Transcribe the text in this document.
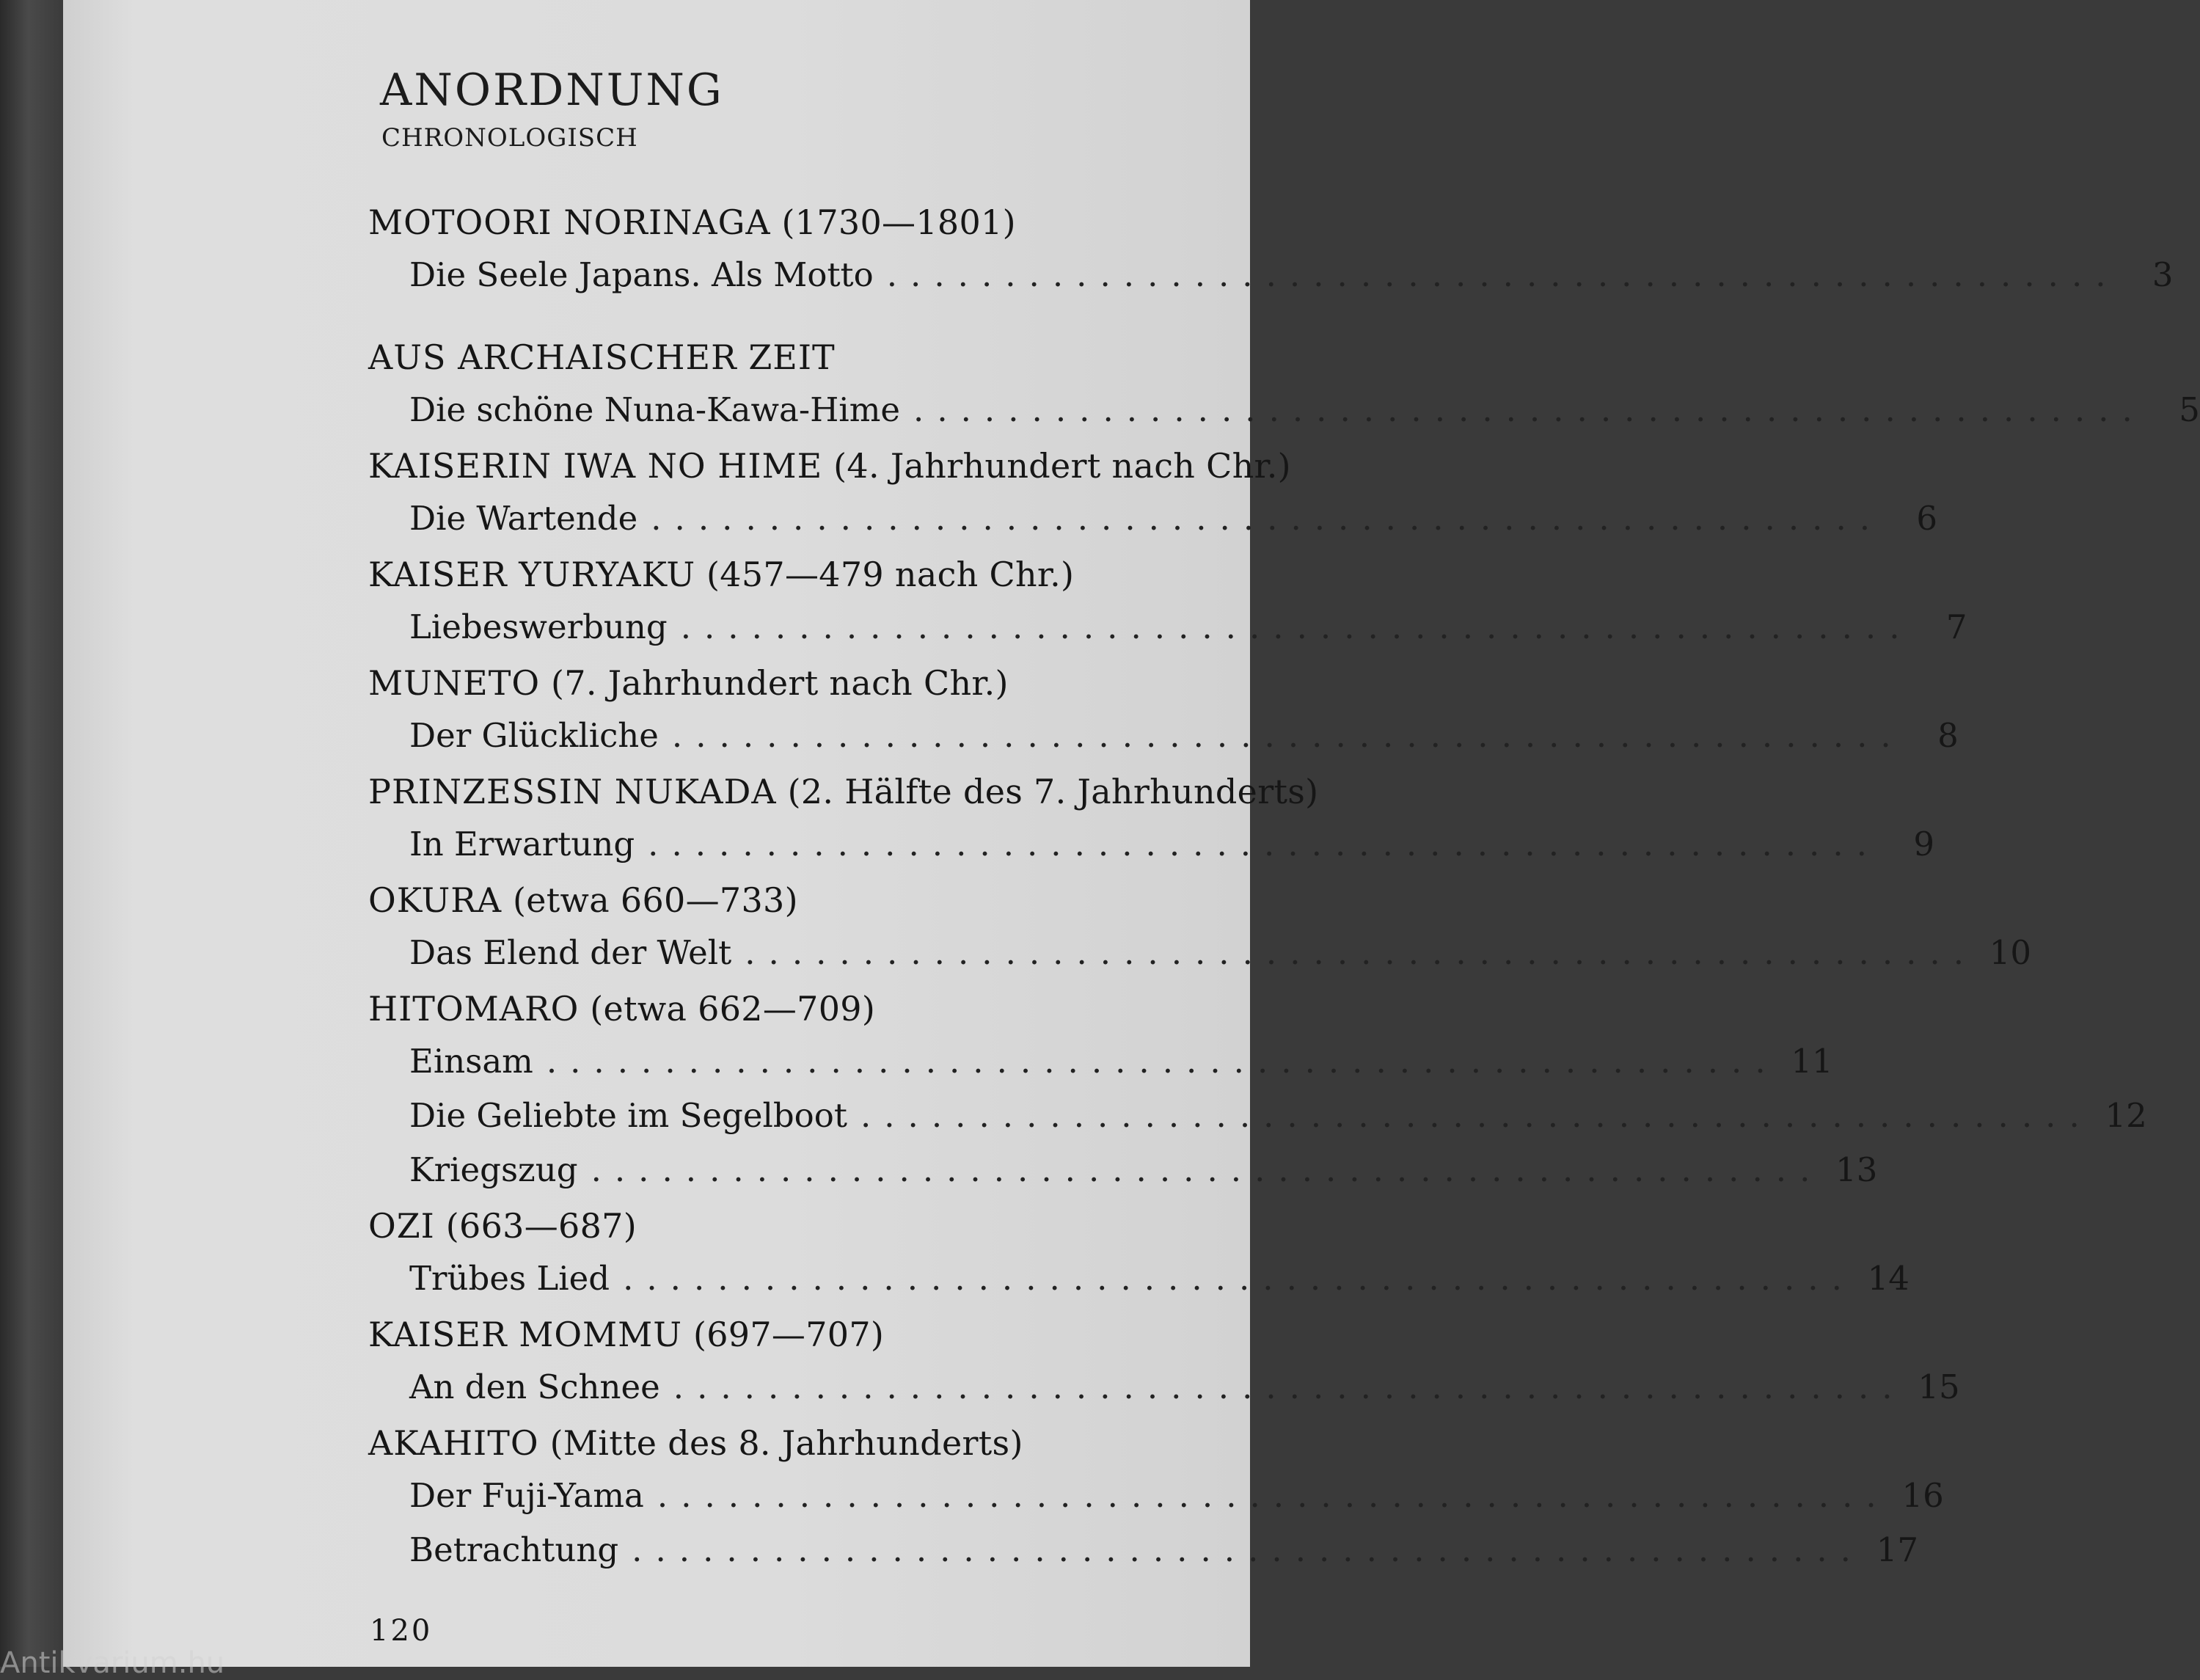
ANORDNUNG
CHRONOLOGISCH
MOTOORI NORINAGA (1730—1801)
Die Seele Japans. Als Motto ....................................................	3
AUS ARCHAISCHER ZEIT
Die schöne Nuna-Kawa-Hime ....................................................	5
KAISERIN IWA NO HIME (4. Jahrhundert nach Chr.)
Die Wartende ....................................................	6
KAISER YURYAKU (457—479 nach Chr.)
Liebeswerbung ....................................................	7
MUNETO (7. Jahrhundert nach Chr.)
Der Glückliche ....................................................	8
PRINZESSIN NUKADA (2. Hälfte des 7. Jahrhunderts)
In Erwartung ....................................................	9
OKURA (etwa 660—733)
Das Elend der Welt .................................................... 10
HITOMARO (etwa 662—709)
Einsam .................................................... 11
Die Geliebte im Segelboot .................................................... 12
Kriegszug .................................................... 13
OZI (663—687)
Trübes Lied .................................................... 14
KAISER MOMMU (697—707)
An den Schnee .................................................... 15
AKAHITO (Mitte des 8. Jahrhunderts)
Der Fuji-Yama .................................................... 16
Betrachtung .................................................... 17
120
Antikvarium.hu
